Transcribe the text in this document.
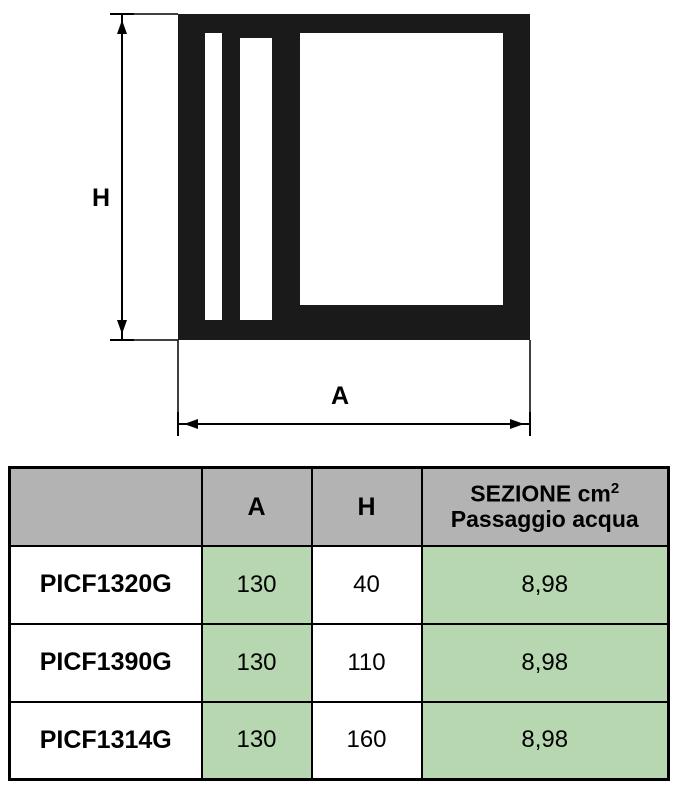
H
A
	A	H	SEZIONE $cm^2$
Passaggio acqua
PICF1320G	130	40	8,98
PICF1390G	130	110	8,98
PICF1314G	130	160	8,98
